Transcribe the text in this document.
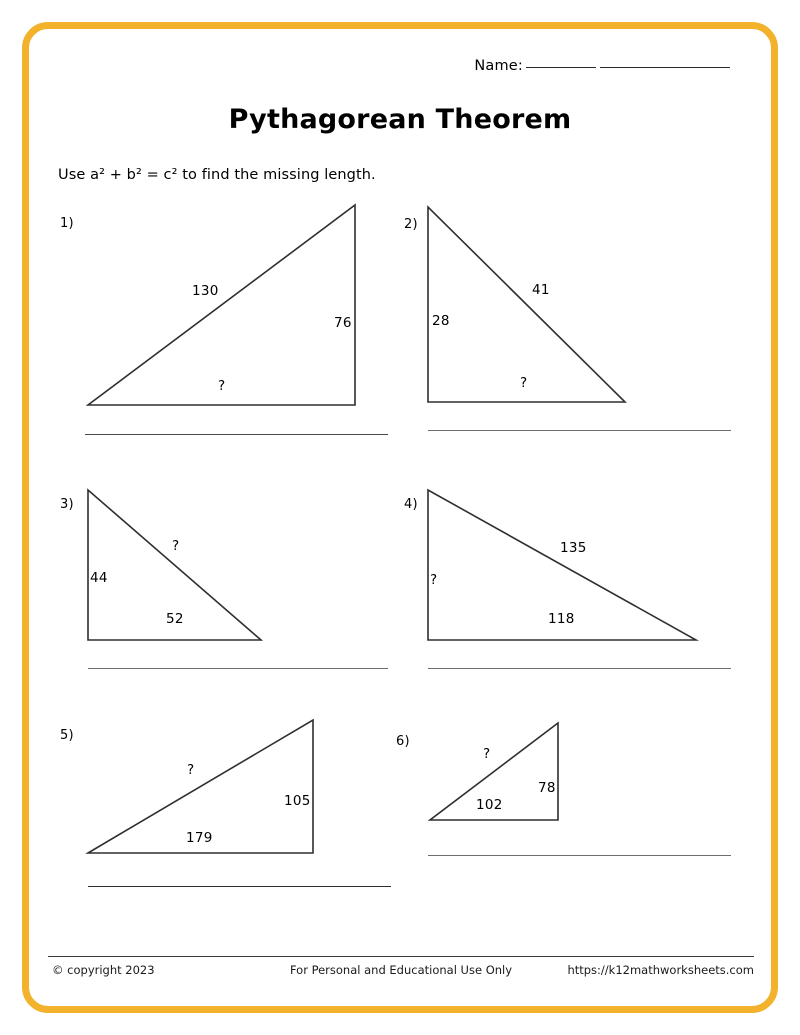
Name:
Pythagorean Theorem
Use a² + b² = c² to find the missing length.
1)
130
76
?
2)
41
28
?
3)
?
44
52
4)
135
?
118
5)
?
105
179
6)
?
78
102
© copyright 2023	For Personal and Educational Use Only	https://k12mathworksheets.com
